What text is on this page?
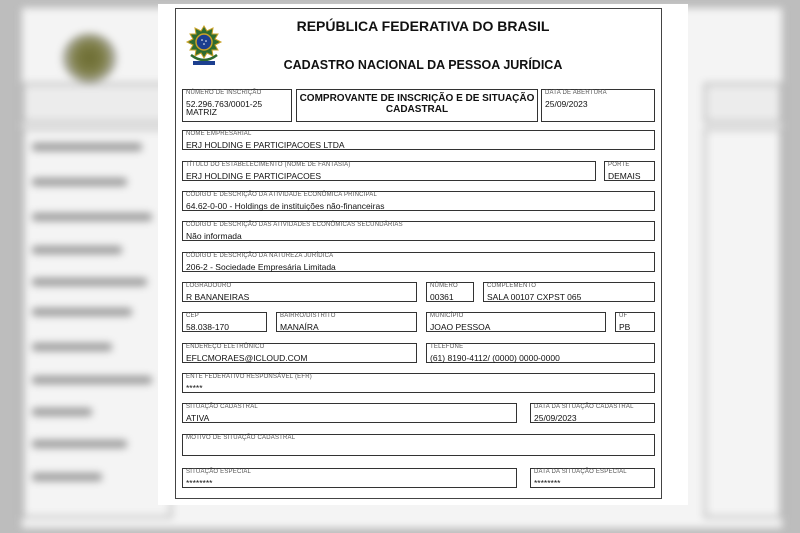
REPÚBLICA FEDERATIVA DO BRASIL
CADASTRO NACIONAL DA PESSOA JURÍDICA
NÚMERO DE INSCRIÇÃO
52.296.763/0001-25
MATRIZ
COMPROVANTE DE INSCRIÇÃO E DE SITUAÇÃO
CADASTRAL
DATA DE ABERTURA
25/09/2023
NOME EMPRESARIAL
ERJ HOLDING E PARTICIPACOES LTDA
TÍTULO DO ESTABELECIMENTO (NOME DE FANTASIA)
ERJ HOLDING E PARTICIPACOES
PORTE
DEMAIS
CÓDIGO E DESCRIÇÃO DA ATIVIDADE ECONÔMICA PRINCIPAL
64.62-0-00 - Holdings de instituições não-financeiras
CÓDIGO E DESCRIÇÃO DAS ATIVIDADES ECONÔMICAS SECUNDÁRIAS
Não informada
CÓDIGO E DESCRIÇÃO DA NATUREZA JURÍDICA
206-2 - Sociedade Empresária Limitada
LOGRADOURO
R BANANEIRAS
NÚMERO
00361
COMPLEMENTO
SALA 00107 CXPST 065
CEP
58.038-170
BAIRRO/DISTRITO
MANAÍRA
MUNICÍPIO
JOAO PESSOA
UF
PB
ENDEREÇO ELETRÔNICO
EFLCMORAES@ICLOUD.COM
TELEFONE
(61) 8190-4112/ (0000) 0000-0000
ENTE FEDERATIVO RESPONSÁVEL (EFR)
*****
SITUAÇÃO CADASTRAL
ATIVA
DATA DA SITUAÇÃO CADASTRAL
25/09/2023
MOTIVO DE SITUAÇÃO CADASTRAL
SITUAÇÃO ESPECIAL
********
DATA DA SITUAÇÃO ESPECIAL
********
